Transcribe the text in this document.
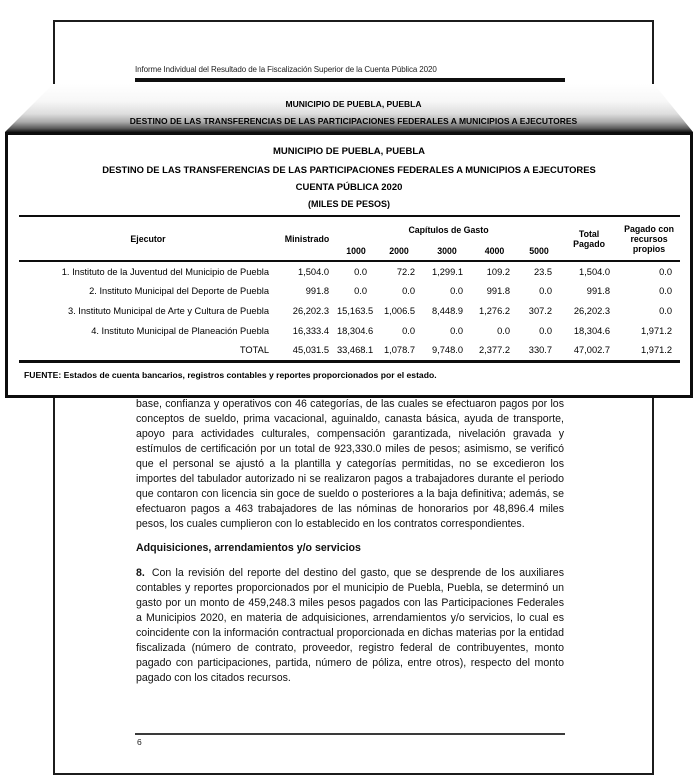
Informe Individual del Resultado de la Fiscalización Superior de la Cuenta Pública 2020

base, confianza y operativos con 46 categorías, de las cuales se efectuaron pagos por los conceptos de sueldo, prima vacacional, aguinaldo, canasta básica, ayuda de transporte, apoyo para actividades culturales, compensación garantizada, nivelación gravada y estímulos de certificación por un total de 923,330.0 miles de pesos; asimismo, se verificó que el personal se ajustó a la plantilla y categorías permitidas, no se excedieron los importes del tabulador autorizado ni se realizaron pagos a trabajadores durante el periodo que contaron con licencia sin goce de sueldo o posteriores a la baja definitiva; además, se efectuaron pagos a 463 trabajadores de las nóminas de honorarios por 48,896.4 miles pesos, los cuales cumplieron con lo establecido en los contratos correspondientes.

Adquisiciones, arrendamientos y/o servicios

8. Con la revisión del reporte del destino del gasto, que se desprende de los auxiliares contables y reportes proporcionados por el municipio de Puebla, Puebla, se determinó un gasto por un monto de 459,248.3 miles pesos pagados con las Participaciones Federales a Municipios 2020, en materia de adquisiciones, arrendamientos y/o servicios, lo cual es coincidente con la información contractual proporcionada en dichas materias por la entidad fiscalizada (número de contrato, proveedor, registro federal de contribuyentes, monto pagado con participaciones, partida, número de póliza, entre otros), respecto del monto pagado con los citados recursos.

6
MUNICIPIO DE PUEBLA, PUEBLA
DESTINO DE LAS TRANSFERENCIAS DE LAS PARTICIPACIONES FEDERALES A MUNICIPIOS A EJECUTORES
MUNICIPIO DE PUEBLA, PUEBLA
DESTINO DE LAS TRANSFERENCIAS DE LAS PARTICIPACIONES FEDERALES A MUNICIPIOS A EJECUTORES
CUENTA PÚBLICA 2020
(MILES DE PESOS)
Ejecutor	Ministrado	Capítulos de Gasto					Total Pagado	Pagado con recursos propios
		1000	2000	3000	4000	5000		
1. Instituto de la Juventud del Municipio de Puebla	1,504.0	0.0	72.2	1,299.1	109.2	23.5	1,504.0	0.0
2. Instituto Municipal del Deporte de Puebla	991.8	0.0	0.0	0.0	991.8	0.0	991.8	0.0
3. Instituto Municipal de Arte y Cultura de Puebla	26,202.3	15,163.5	1,006.5	8,448.9	1,276.2	307.2	26,202.3	0.0
4. Instituto Municipal de Planeación Puebla	16,333.4	18,304.6	0.0	0.0	0.0	0.0	18,304.6	1,971.2
TOTAL	45,031.5	33,468.1	1,078.7	9,748.0	2,377.2	330.7	47,002.7	1,971.2
FUENTE: Estados de cuenta bancarios, registros contables y reportes proporcionados por el estado.
